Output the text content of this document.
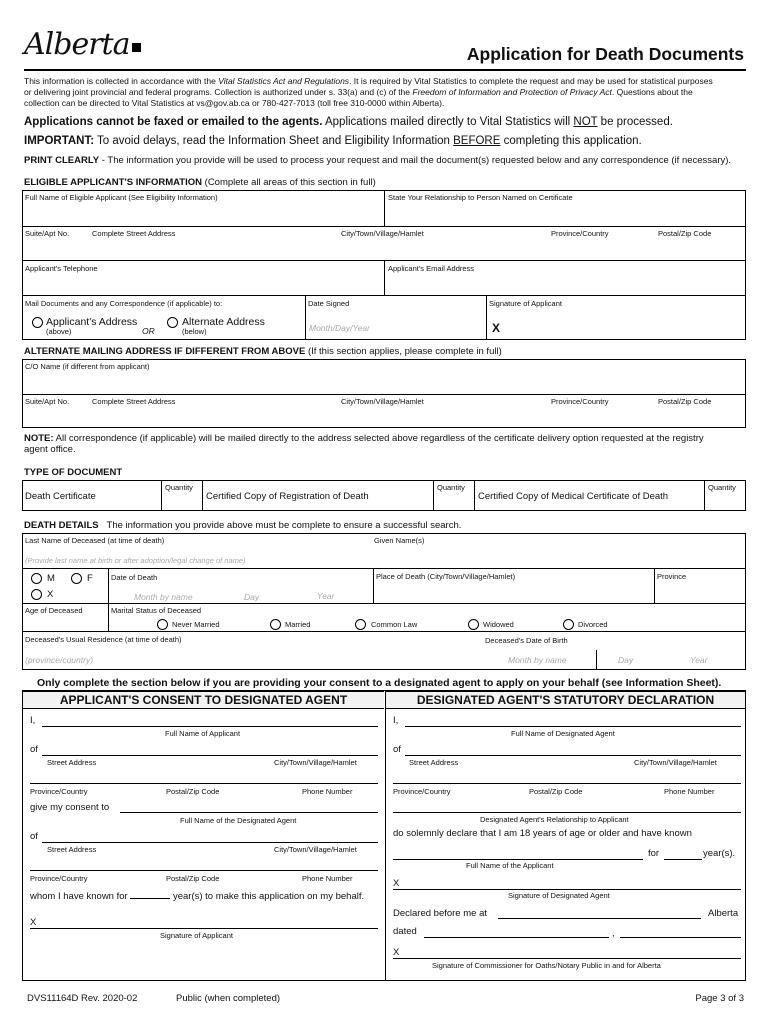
Alberta	Application for Death Documents
This information is collected in accordance with the Vital Statistics Act and Regulations. It is required by Vital Statistics to complete the request and may be used for statistical purposes
or delivering joint provincial and federal programs. Collection is authorized under s. 33(a) and (c) of the Freedom of Information and Protection of Privacy Act. Questions about the
collection can be directed to Vital Statistics at vs@gov.ab.ca or 780-427-7013 (toll free 310-0000 within Alberta).
Applications cannot be faxed or emailed to the agents. Applications mailed directly to Vital Statistics will NOT be processed.
IMPORTANT: To avoid delays, read the Information Sheet and Eligibility Information BEFORE completing this application.
PRINT CLEARLY - The information you provide will be used to process your request and mail the document(s) requested below and any correspondence (if necessary).
ELIGIBLE APPLICANT'S INFORMATION (Complete all areas of this section in full)
Full Name of Eligible Applicant (See Eligibility Information)	State Your Relationship to Person Named on Certificate
Suite/Apt No.	Complete Street Address	City/Town/Village/Hamlet	Province/Country	Postal/Zip Code
Applicant's Telephone	Applicant's Email Address
Mail Documents and any Correspondence (if applicable) to:	Date Signed	Signature of Applicant
Applicant's Address
(above)	OR
Alternate Address
(below)	Month/Day/Year	X
ALTERNATE MAILING ADDRESS IF DIFFERENT FROM ABOVE (If this section applies, please complete in full)
C/O Name (if different from applicant)
Suite/Apt No.	Complete Street Address	City/Town/Village/Hamlet	Province/Country	Postal/Zip Code
NOTE: All correspondence (if applicable) will be mailed directly to the address selected above regardless of the certificate delivery option requested at the registry
agent office.
TYPE OF DOCUMENT
Death Certificate
Quantity
Certified Copy of Registration of Death
Quantity
Certified Copy of Medical Certificate of Death
Quantity
DEATH DETAILS The information you provide above must be complete to ensure a successful search.
Last Name of Deceased (at time of death)	Given Name(s)
(Provide last name at birth or after adoption/legal change of name)
M	F
X
Date of Death
Month by name	Day	Year
Place of Death (City/Town/Village/Hamlet)	Province
Age of Deceased	Marital Status of Deceased
Never Married	Married	Common Law	Widowed	Divorced
Deceased's Usual Residence (at time of death)	Deceased's Date of Birth
(province/country)	Month by name	Day	Year
Only complete the section below if you are providing your consent to a designated agent to apply on your behalf (see Information Sheet).
APPLICANT'S CONSENT TO DESIGNATED AGENT	DESIGNATED AGENT'S STATUTORY DECLARATION
I,
Full Name of Applicant
of
Street Address	City/Town/Village/Hamlet
Province/Country	Postal/Zip Code	Phone Number
give my consent to
Full Name of the Designated Agent
of
Street Address	City/Town/Village/Hamlet
Province/Country	Postal/Zip Code	Phone Number
whom I have known for	year(s) to make this application on my behalf.
X
Signature of Applicant
I,
Full Name of Designated Agent
of
Street Address	City/Town/Village/Hamlet
Province/Country	Postal/Zip Code	Phone Number
Designated Agent's Relationship to Applicant
do solemnly declare that I am 18 years of age or older and have known
for	year(s).
Full Name of the Applicant
X
Signature of Designated Agent
Declared before me at	Alberta
dated	,
X
Signature of Commissioner for Oaths/Notary Public in and for Alberta
DVS11164D Rev. 2020-02	Public (when completed)	Page 3 of 3
